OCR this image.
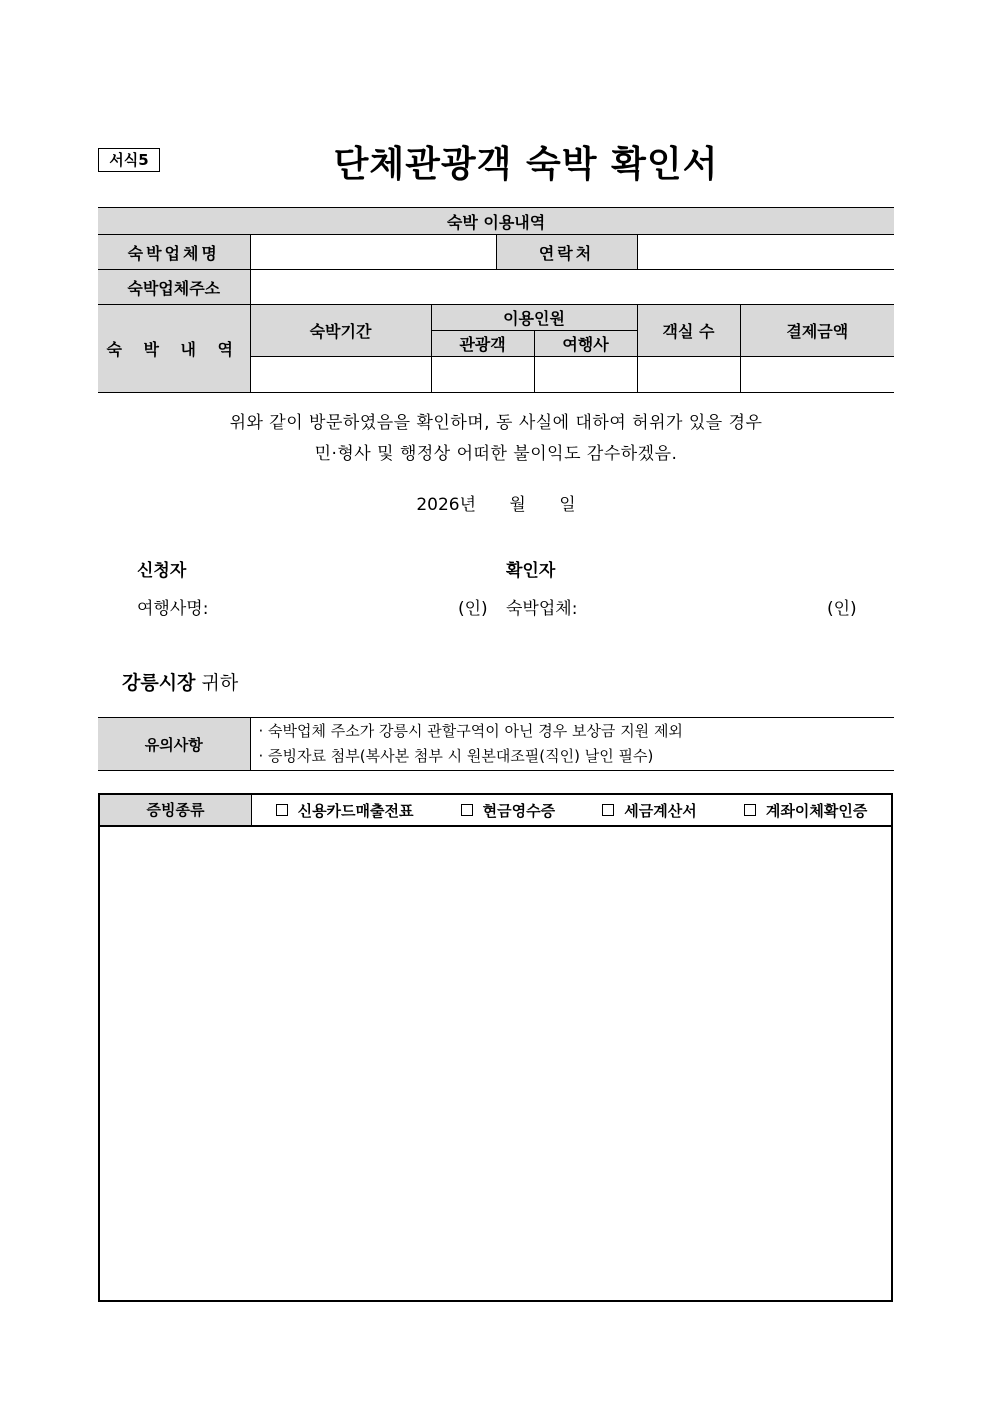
서식5	단체관광객 숙박 확인서
숙박 이용내역						
숙박업체명			연락처			
숙박업체주소						
숙 박 내 역	숙박기간	이용인원			객실 수	결제금액
		관광객		여행사		

위와 같이 방문하였음을 확인하며, 동 사실에 대하여 허위가 있을 경우
민·형사 및 행정상 어떠한 불이익도 감수하겠음.
2026년 월 일
신청자
여행사명:	(인)
확인자
숙박업체:	(인)
강릉시장 귀하
유의사항	
· 숙박업체 주소가 강릉시 관할구역이 아닌 경우 보상금 지원 제외
· 증빙자료 첨부(복사본 첨부 시 원본대조필(직인) 날인 필수)
증빙종류	신용카드매출전표	현금영수증	세금계산서	계좌이체확인증
